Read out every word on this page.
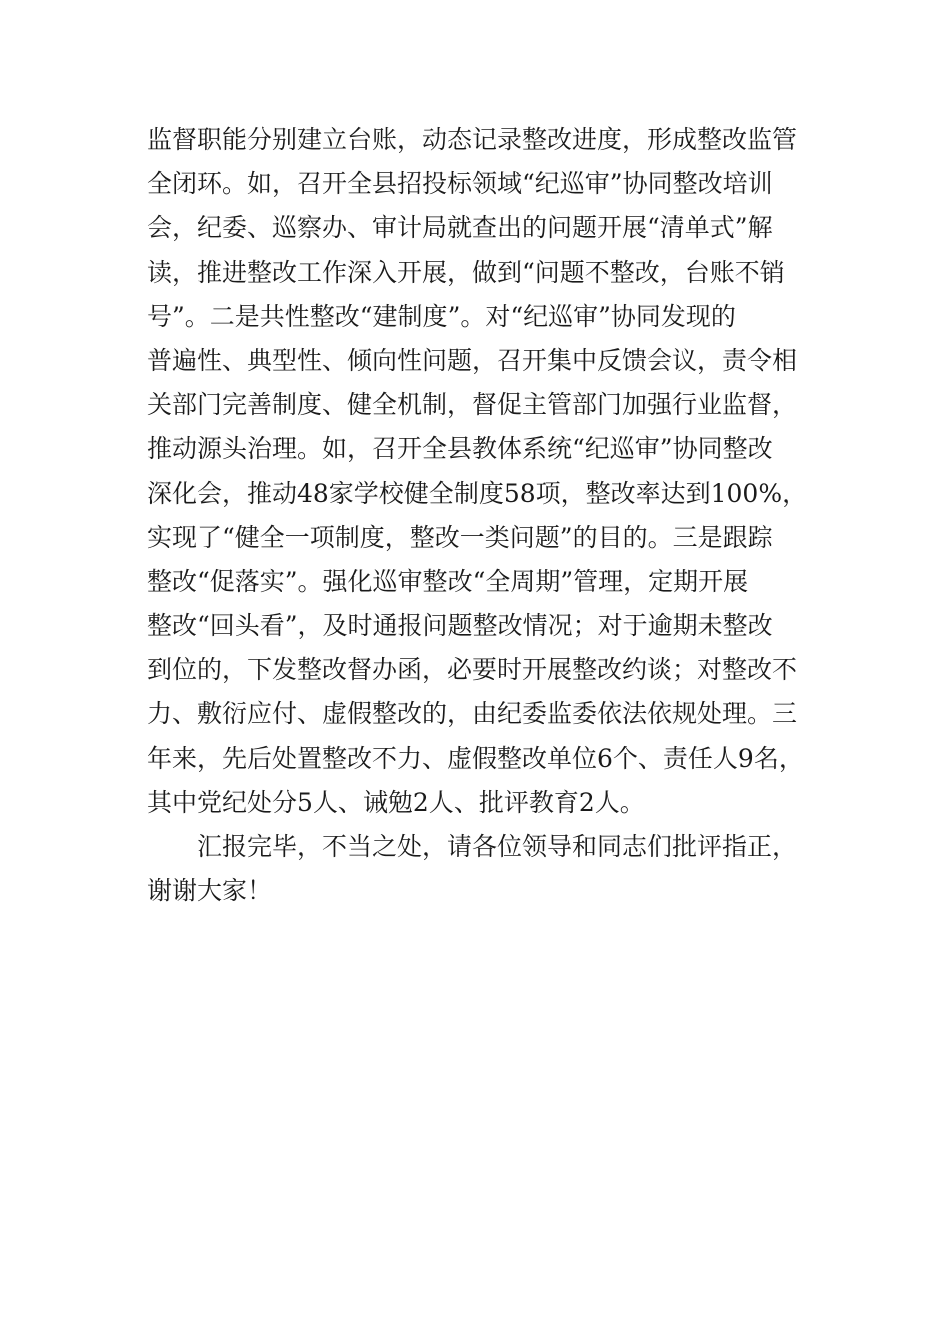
监督职能分别建立台账，动态记录整改进度，形成整改监管
全闭环。如，召开全县招投标领域“纪巡审”协同整改培训
会，纪委、巡察办、审计局就查出的问题开展“清单式”解
读，推进整改工作深入开展，做到“问题不整改，台账不销
号”。二是共性整改“建制度”。对“纪巡审”协同发现的
普遍性、典型性、倾向性问题，召开集中反馈会议，责令相
关部门完善制度、健全机制，督促主管部门加强行业监督，
推动源头治理。如，召开全县教体系统“纪巡审”协同整改
深化会，推动48家学校健全制度58项，整改率达到100%，
实现了“健全一项制度，整改一类问题”的目的。三是跟踪
整改“促落实”。强化巡审整改“全周期”管理，定期开展
整改“回头看”，及时通报问题整改情况；对于逾期未整改
到位的，下发整改督办函，必要时开展整改约谈；对整改不
力、敷衍应付、虚假整改的，由纪委监委依法依规处理。三
年来，先后处置整改不力、虚假整改单位6个、责任人9名，
其中党纪处分5人、诫勉2人、批评教育2人。
汇报完毕，不当之处，请各位领导和同志们批评指正，
谢谢大家！
